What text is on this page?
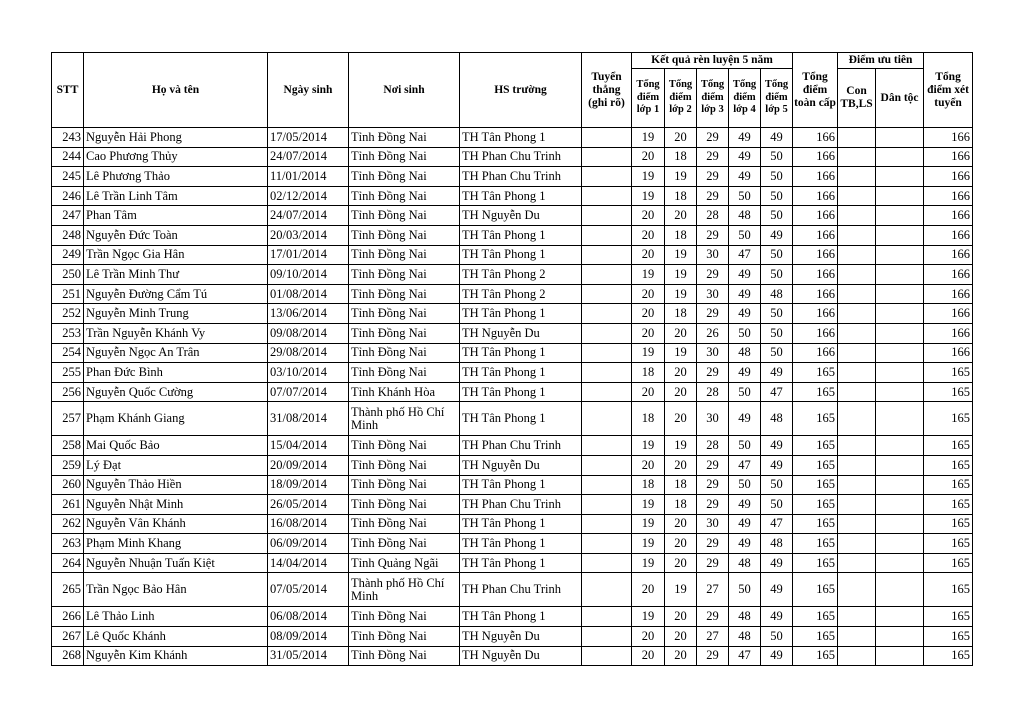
STT	Họ và tên	Ngày sinh	Nơi sinh	HS trường	Tuyển thẳng (ghi rõ)	Kết quả rèn luyện 5 năm					Tổng điểm toàn cấp	Điểm ưu tiên		Tổng điểm xét tuyển
						Tổng điểm lớp 1	Tổng điểm lớp 2	Tổng điểm lớp 3	Tổng điểm lớp 4	Tổng điểm lớp 5		Con TB,LS	Dân tộc	
243	Nguyễn Hải Phong	17/05/2014	Tỉnh Đồng Nai	TH Tân Phong 1		19	20	29	49	49	166			166
244	Cao Phương Thủy	24/07/2014	Tỉnh Đồng Nai	TH Phan Chu Trinh		20	18	29	49	50	166			166
245	Lê Phương Thảo	11/01/2014	Tỉnh Đồng Nai	TH Phan Chu Trinh		19	19	29	49	50	166			166
246	Lê Trần Linh Tâm	02/12/2014	Tỉnh Đồng Nai	TH Tân Phong 1		19	18	29	50	50	166			166
247	Phan Tâm	24/07/2014	Tỉnh Đồng Nai	TH Nguyễn Du		20	20	28	48	50	166			166
248	Nguyễn Đức Toàn	20/03/2014	Tỉnh Đồng Nai	TH Tân Phong 1		20	18	29	50	49	166			166
249	Trần Ngọc Gia Hân	17/01/2014	Tỉnh Đồng Nai	TH Tân Phong 1		20	19	30	47	50	166			166
250	Lê Trần Minh Thư	09/10/2014	Tỉnh Đồng Nai	TH Tân Phong 2		19	19	29	49	50	166			166
251	Nguyễn Đường Cẩm Tú	01/08/2014	Tỉnh Đồng Nai	TH Tân Phong 2		20	19	30	49	48	166			166
252	Nguyễn Minh Trung	13/06/2014	Tỉnh Đồng Nai	TH Tân Phong 1		20	18	29	49	50	166			166
253	Trần Nguyễn Khánh Vy	09/08/2014	Tỉnh Đồng Nai	TH Nguyễn Du		20	20	26	50	50	166			166
254	Nguyễn Ngọc An Trân	29/08/2014	Tỉnh Đồng Nai	TH Tân Phong 1		19	19	30	48	50	166			166
255	Phan Đức Bình	03/10/2014	Tỉnh Đồng Nai	TH Tân Phong 1		18	20	29	49	49	165			165
256	Nguyễn Quốc Cường	07/07/2014	Tỉnh Khánh Hòa	TH Tân Phong 1		20	20	28	50	47	165			165
257	Phạm Khánh Giang	31/08/2014	Thành phố Hồ Chí Minh	TH Tân Phong 1		18	20	30	49	48	165			165
258	Mai Quốc Bảo	15/04/2014	Tỉnh Đồng Nai	TH Phan Chu Trinh		19	19	28	50	49	165			165
259	Lý Đạt	20/09/2014	Tỉnh Đồng Nai	TH Nguyễn Du		20	20	29	47	49	165			165
260	Nguyễn Thảo Hiền	18/09/2014	Tỉnh Đồng Nai	TH Tân Phong 1		18	18	29	50	50	165			165
261	Nguyễn Nhật Minh	26/05/2014	Tỉnh Đồng Nai	TH Phan Chu Trinh		19	18	29	49	50	165			165
262	Nguyễn Vân Khánh	16/08/2014	Tỉnh Đồng Nai	TH Tân Phong 1		19	20	30	49	47	165			165
263	Phạm Minh Khang	06/09/2014	Tỉnh Đồng Nai	TH Tân Phong 1		19	20	29	49	48	165			165
264	Nguyễn Nhuận Tuấn Kiệt	14/04/2014	Tỉnh Quảng Ngãi	TH Tân Phong 1		19	20	29	48	49	165			165
265	Trần Ngọc Bảo Hân	07/05/2014	Thành phố Hồ Chí Minh	TH Phan Chu Trinh		20	19	27	50	49	165			165
266	Lê Thảo Linh	06/08/2014	Tỉnh Đồng Nai	TH Tân Phong 1		19	20	29	48	49	165			165
267	Lê Quốc Khánh	08/09/2014	Tỉnh Đồng Nai	TH Nguyễn Du		20	20	27	48	50	165			165
268	Nguyễn Kim Khánh	31/05/2014	Tỉnh Đồng Nai	TH Nguyễn Du		20	20	29	47	49	165			165
